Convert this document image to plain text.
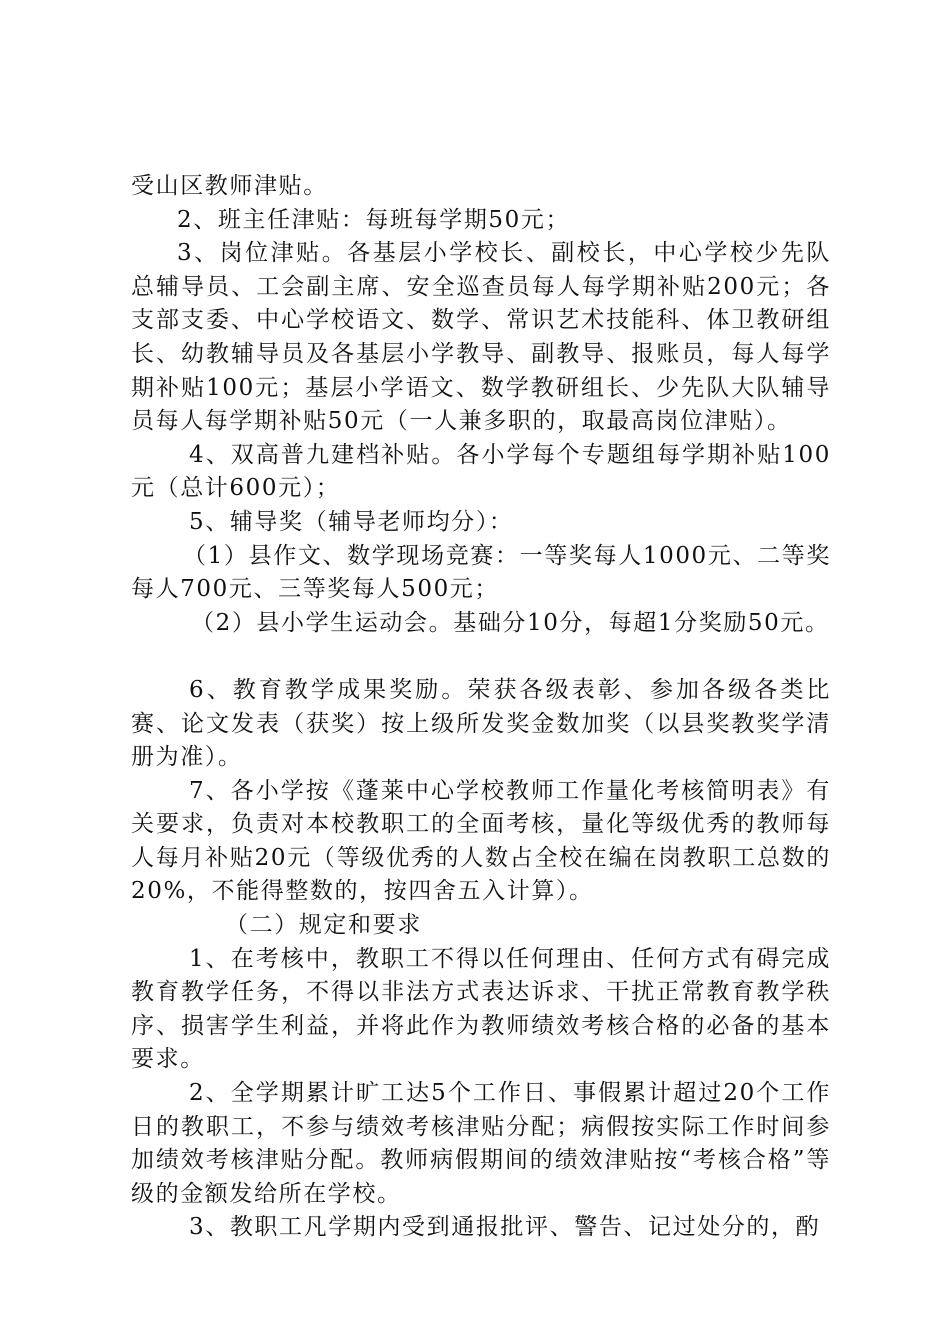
受山区教师津贴。

2、班主任津贴：每班每学期50元；

3、岗位津贴。各基层小学校长、副校长，中心学校少先队总辅导员、工会副主席、安全巡查员每人每学期补贴200元；各支部支委、中心学校语文、数学、常识艺术技能科、体卫教研组长、幼教辅导员及各基层小学教导、副教导、报账员，每人每学期补贴100元；基层小学语文、数学教研组长、少先队大队辅导员每人每学期补贴50元（一人兼多职的，取最高岗位津贴）。

4、双高普九建档补贴。各小学每个专题组每学期补贴100元（总计600元）；

5、辅导奖（辅导老师均分）：

（1）县作文、数学现场竞赛：一等奖每人1000元、二等奖每人700元、三等奖每人500元；

（2）县小学生运动会。基础分10分，每超1分奖励50元。

6、教育教学成果奖励。荣获各级表彰、参加各级各类比赛、论文发表（获奖）按上级所发奖金数加奖（以县奖教奖学清册为准）。

7、各小学按《蓬莱中心学校教师工作量化考核简明表》有关要求，负责对本校教职工的全面考核，量化等级优秀的教师每人每月补贴20元（等级优秀的人数占全校在编在岗教职工总数的20%，不能得整数的，按四舍五入计算）。

（二）规定和要求

1、在考核中，教职工不得以任何理由、任何方式有碍完成教育教学任务，不得以非法方式表达诉求、干扰正常教育教学秩序、损害学生利益，并将此作为教师绩效考核合格的必备的基本要求。

2、全学期累计旷工达5个工作日、事假累计超过20个工作日的教职工，不参与绩效考核津贴分配；病假按实际工作时间参加绩效考核津贴分配。教师病假期间的绩效津贴按“考核合格”等级的金额发给所在学校。

3、教职工凡学期内受到通报批评、警告、记过处分的，酌
